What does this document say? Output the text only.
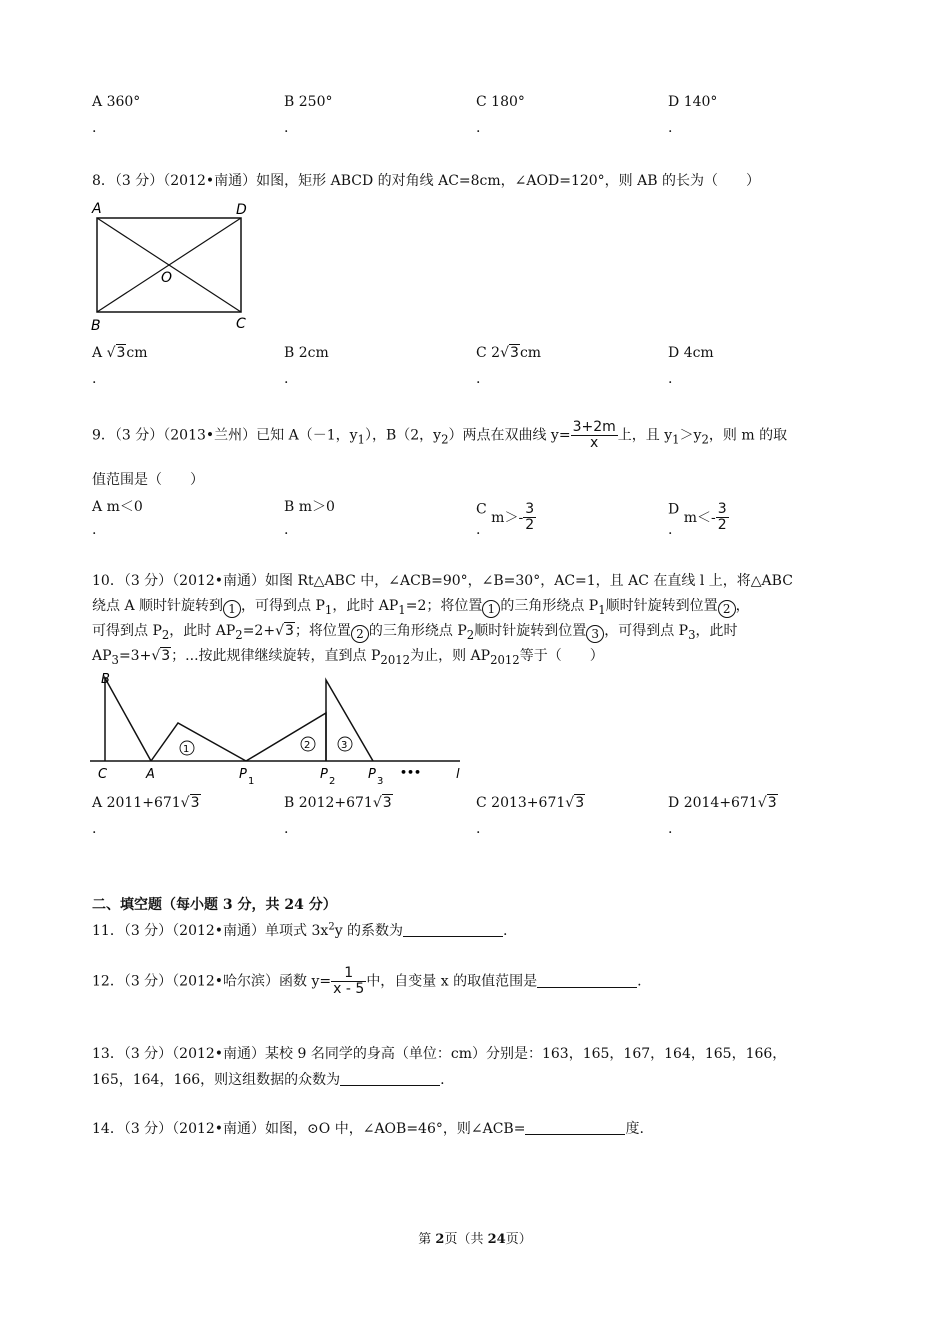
A 360°	B 250°	C 180°	D 140°
.	.	.	.
8．（3 分）（2012•南通）如图，矩形 ABCD 的对角线 AC=8cm，∠AOD=120°，则 AB 的长为（　　）
A	D
B	C
O
A √3cm	B 2cm	C 2√3cm	D 4cm
.	.	.	.
9．（3 分）（2013•兰州）已知 A（－1，$y_1$），B（2，$y_2$）两点在双曲线 $y= \frac{3+2m}{x}$ 上，且 $y_1>y_2$，则 m 的取
值范围是（　　）
A m＜0	B m＞0	C $m>- \frac{3}{2}$	D $m<- \frac{3}{2}$
.	.	.	.
10．（3 分）（2012•南通）如图 Rt△ABC 中，∠ACB=90°，∠B=30°，AC=1，且 AC 在直线 l 上，将△ABC
绕点 A 顺时针旋转到 1 ，可得到点 $P_1$，此时 $AP_1=2$；将位置 1 的三角形绕点 $P_1$顺时针旋转到位置 2 ，
可得到点 $P_2$，此时 $AP_2=2+√3$；将位置 2 的三角形绕点 $P_2$顺时针旋转到位置 3 ，可得到点 $P_3$，此时
$AP_3=3+√3$；...按此规律继续旋转，直到点 $P_{2012}$为止，则 $AP_{2012}$等于（　　）
B
C	A	P 1	P 2	P 3
•••	l
1	2	3
A 2011+671√3	B 2012+671√3	C 2013+671√3	D 2014+671√3
.	.	.	.
二、填空题（每小题 3 分，共 24 分）
11．（3 分）（2012•南通）单项式 $3x^2y$ 的系数为	.
12．（3 分）（2012•哈尔滨）函数 $y= \frac{1}{x - 5}$ 中，自变量 x 的取值范围是	.
13．（3 分）（2012•南通）某校 9 名同学的身高（单位：cm）分别是：163，165，167，164，165，166，
165，164，166，则这组数据的众数为	.
14．（3 分）（2012•南通）如图，⊙O 中，∠AOB=46°，则∠ACB=	度.
第 2页（共 24页）
